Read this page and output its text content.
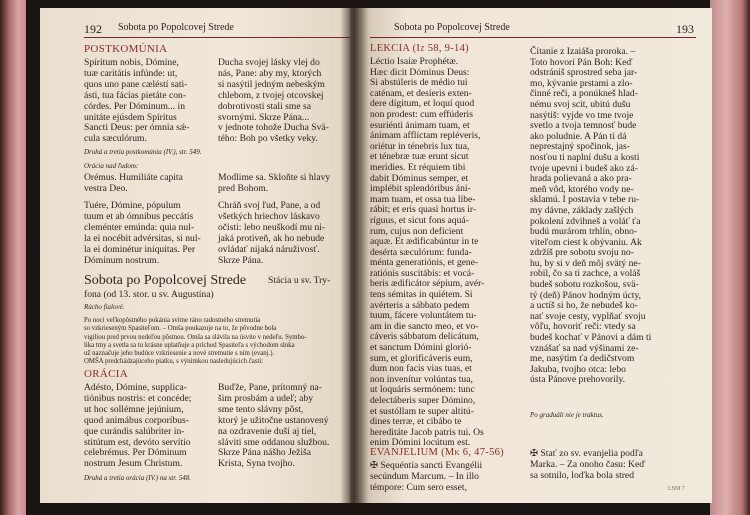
192 Sobota po Popolcovej Strede
POSTKOMÚNIA
Spíritum nobis, Dómine,
tuæ caritátis infúnde: ut,
quos uno pane cæléstí sati-
ásti, tua fácias pietáte con-
córdes. Per Dóminum... in
unitáte ejúsdem Spíritus
Sancti Deus: per ómnia sǽ-
cula sæculórum.
Ducha svojej lásky vlej do
nás, Pane: aby my, ktorých
si nasýtil jedným nebeským
chlebom, z tvojej otcovskej
dobrotivosti stali sme sa
svornými. Skrze Pána...
v jednote tohože Ducha Svä-
tého: Boh po všetky veky.
Druhá a tretia postkomúnia (IV.), str. 549.
Orácia nad ľudom:
Orémus. Humiliáte capita
vestra Deo.
Modlime sa. Skloňte si hlavy
pred Bohom.
Tuére, Dómine, pópulum
tuum et ab ómnibus peccátis
cleménter emúnda: quia nul-
la ei nocébit advérsitas, si nul-
la ei dominétur iníquitas. Per
Dóminum nostrum.
Chráň svoj ľud, Pane, a od
všetkých hriechov láskavo
očisti: lebo neuškodí mu ni-
jaká protiveň, ak ho nebude
ovládať nijaká náruživosť.
Skrze Pána.
Sobota po Popolcovej Strede Stácia u sv. Try-
fona (od 13. stor. u sv. Augustína)
Rúcho fialové.
Po noci veľkopôstného pokánia svitne ráno radostného stretnutia
so vzkrieseným Spasiteľom. – Omša poukazuje na to, že pôvodne bola
vigiliou pred prvou nedeľou pôstnou. Omša sa slávila na úsvite v nedeľu. Symbo-
lika tmy a svetla sa tu krásne uplatňuje a príchod Spasiteľa s východom slnka
už naznačuje jeho budúce vzkriesenie a nové stretnutie s ním (evanj.).
OMŠA predchádzajúceho piatku, s výnimkou nasledujúcich častí:
ORÁCIA
Adésto, Dómine, supplica-
tiónibus nostris: et concéde;
ut hoc sollémne jejúnium,
quod animábus corporíbus-
que curándis salúbriter in-
stitútum est, devóto servítio
celebrémus. Per Dóminum
nostrum Jesum Christum.
Buďže, Pane, prítomný na-
šim prosbám a udeľ; aby
sme tento slávny pôst,
ktorý je užitočne ustanovený
na ozdravenie duší aj tiel,
sláviti sme oddanou službou.
Skrze Pána nášho Ježiša
Krista, Syna tvojho.
Druhá a tretia orácia (IV.) na str. 548.
Sobota po Popolcovej Strede	193
LEKCIA (Iz 58, 9-14)
Léctio Isaíæ Prophétæ.
Hæc dicit Dóminus Deus:
Si abstúleris de médio tui
caténam, et desíeris exten-
dere dígitum, et loquí quod
non prodest: cum effúderis
esuriénti ánimam tuam, et
ánimam afflíctam repléveris,
oriétur in ténebris lux tua,
et ténebræ tuæ erunt sicut
merídies. Et réquiem tibi
dabit Dóminus semper, et
implébit splendóribus áni-
mam tuam, et ossa tua libe-
rábit; et eris quasi hortus ir-
ríguus, et sicut fons aquá-
rum, cujus non deficient
aquæ. Et ædificabúntur in te
desérta sæculórum: funda-
ménta generatiónis, et gene-
ratiónis suscitábis: et vocá-
beris ædificátor sépium, avér-
tens sémitas in quiétem. Si
avérteris a sábbato pedem
tuum, fácere voluntátem tu-
am in die sancto meo, et vo-
cáveris sábbatum delicátum,
et sanctum Dómini glorió-
sum, et glorificáveris eum,
dum non facis vias tuas, et
non invenítur volúntas tua,
ut loquáris sermónem: tunc
delectáberis super Dómino,
et sustóllam te super altitú-
dines terræ, et cibábo te
hereditáte Jacob patris tui. Os
enim Dómini locútum est.
Čítanie z Izaiáša proroka. –
Toto hovorí Pán Boh: Keď
odstrániš sprostred seba jar-
mo, kývanie prstami a zlo-
činné reči, a ponúkneš hlad-
nému svoj scit, ubitú dušu
nasýtiš: vyjde vo tme tvoje
svetlo a tvoja temnosť bude
ako poludnie. A Pán ti dá
neprestajný spočinok, jas-
nosťou ti naplní dušu a kosti
tvoje upevní i budeš ako zá-
hrada polievaná a ako pra-
meň vôd, ktorého vody ne-
sklamú. I postavia v tebe ru-
my dávne, základy zašlých
pokolení zdvihneš a voláť ťa
budú murárom trhlín, obno-
viteľom ciest k obývaniu. Ak
zdržíš pre sobotu svoju no-
hu, by si v deň môj svätý ne-
robil, čo sa ti zachce, a voláš
budeš sobotu rozkošou, svä-
tý (deň) Pánov hodným úcty,
a uctíš si ho, že nebudeš ko-
nať svoje cesty, vyplňať svoju
vôľu, hovoriť reči: vtedy sa
budeš kochať v Pánovi a dám ti
vznášať sa nad výšinami ze-
me, nasýtim ťa dedičstvom
Jakuba, tvojho otca: lebo
ústa Pánove prehovorily.
Po graduáli nie je traktus.
EVANJELIUM (Mk 6, 47-56)
✠ Sequéntia sancti Evangélii
secúndum Marcum. – In illo
témpore: Cum sero esset,
✠ Stať zo sv. evanjelia podľa
Marka. – Za onoho času: Keď
sa sotnilo, loďka bola stred
LSM 7
